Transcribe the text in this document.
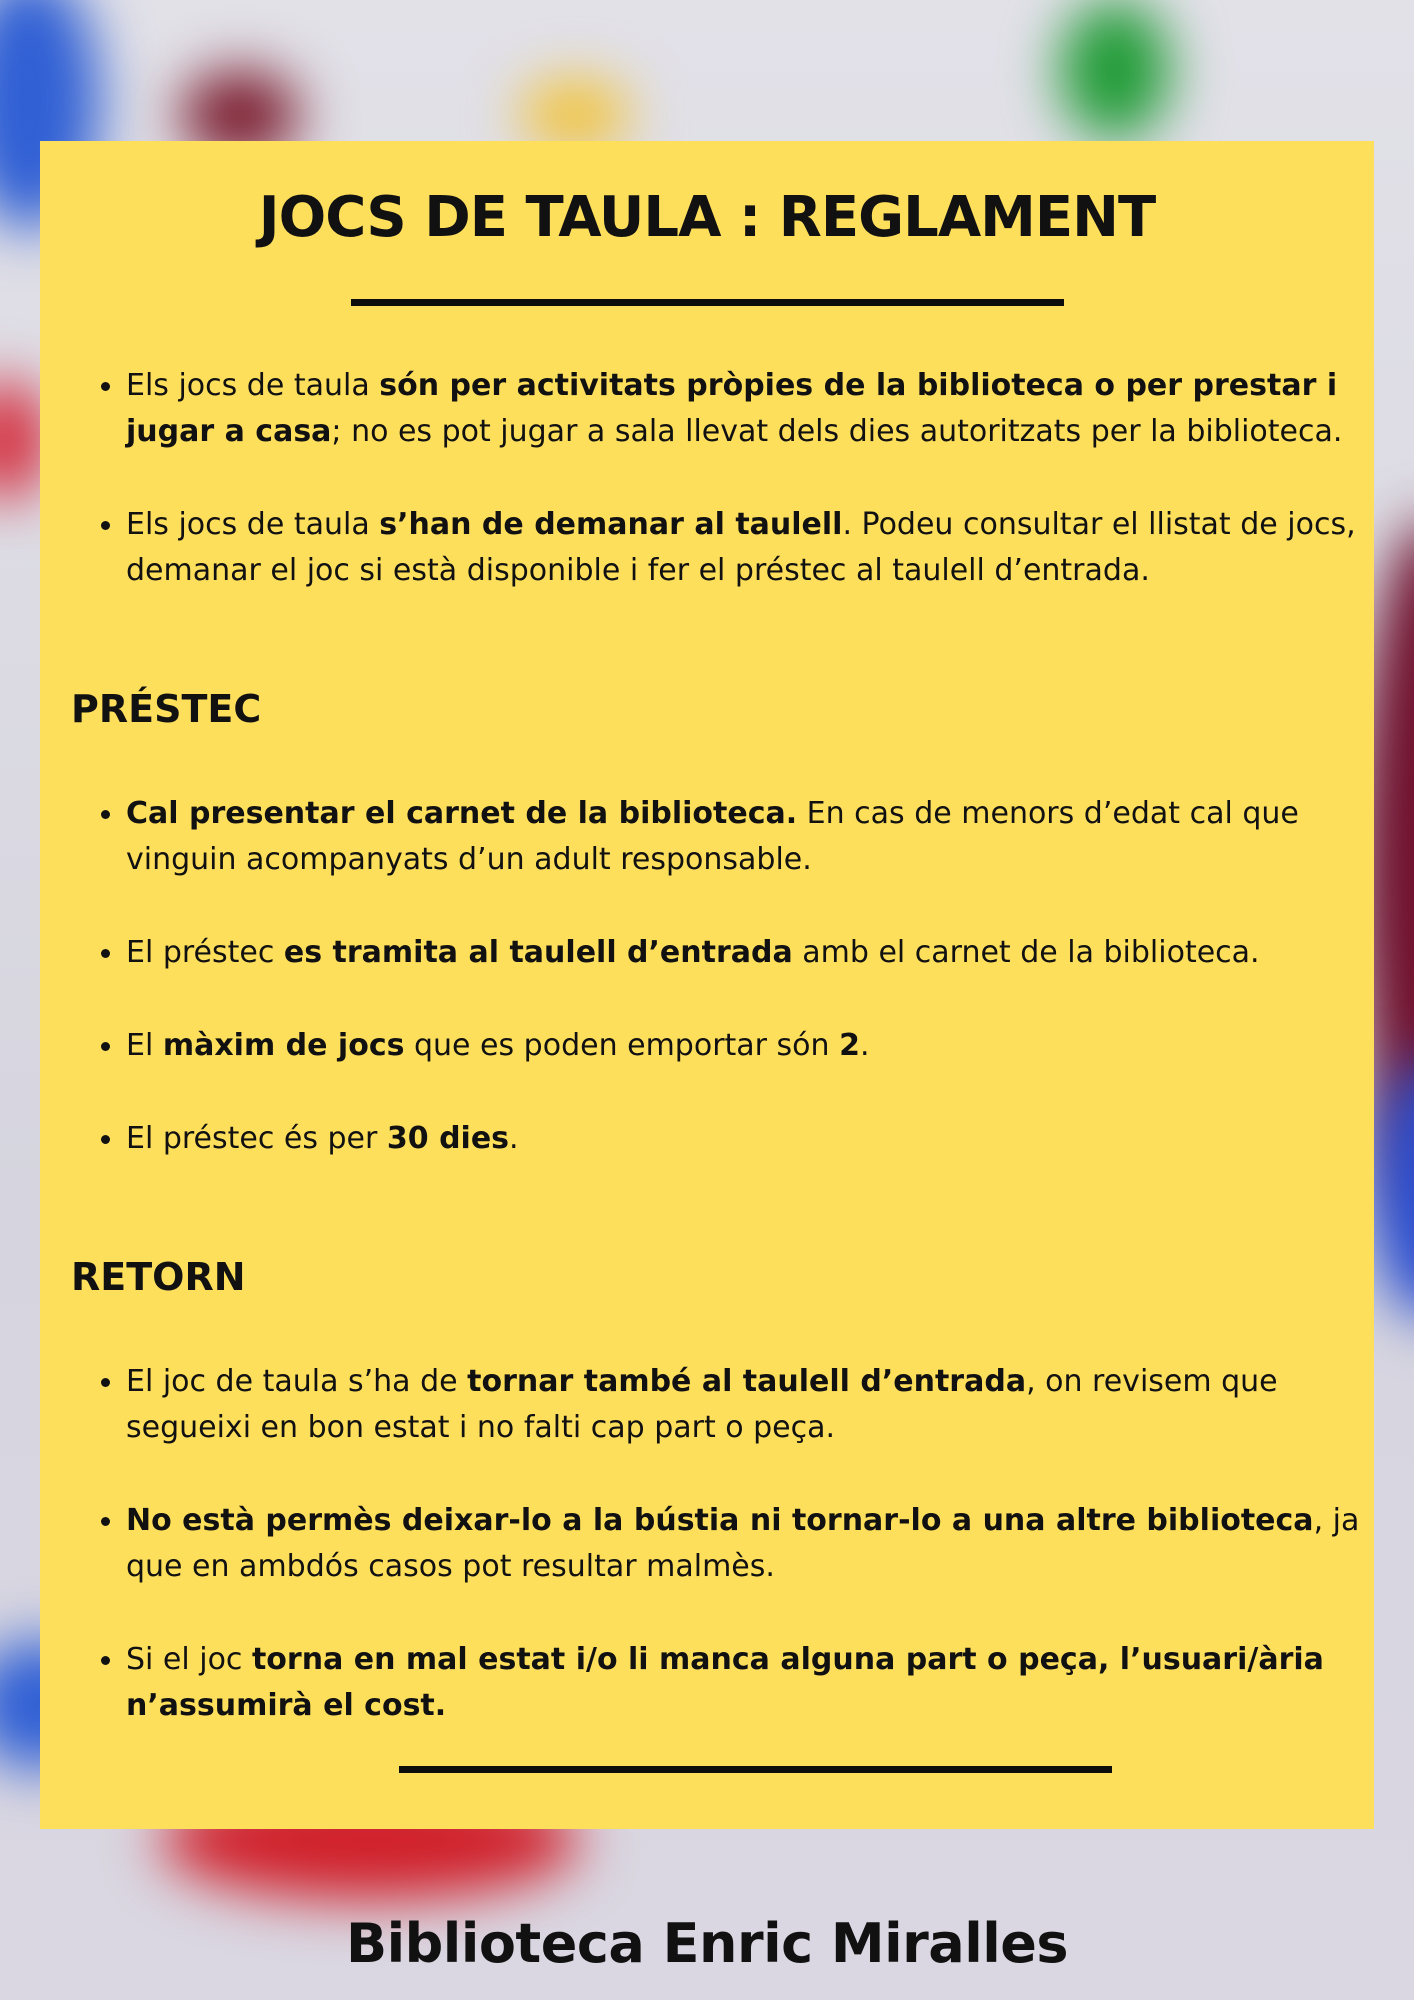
JOCS DE TAULA : REGLAMENT
Els jocs de taula són per activitats pròpies de la biblioteca o per prestar i jugar a casa; no es pot jugar a sala llevat dels dies autoritzats per la biblioteca.
Els jocs de taula s’han de demanar al taulell. Podeu consultar el llistat de jocs, demanar el joc si està disponible i fer el préstec al taulell d’entrada.
PRÉSTEC
Cal presentar el carnet de la biblioteca. En cas de menors d’edat cal que vinguin acompanyats d’un adult responsable.
El préstec es tramita al taulell d’entrada amb el carnet de la biblioteca.
El màxim de jocs que es poden emportar són 2.
El préstec és per 30 dies.
RETORN
El joc de taula s’ha de tornar també al taulell d’entrada, on revisem que segueixi en bon estat i no falti cap part o peça.
No està permès deixar-lo a la bústia ni tornar-lo a una altre biblioteca, ja que en ambdós casos pot resultar malmès.
Si el joc torna en mal estat i/o li manca alguna part o peça, l’usuari/ària n’assumirà el cost.
Biblioteca Enric Miralles
